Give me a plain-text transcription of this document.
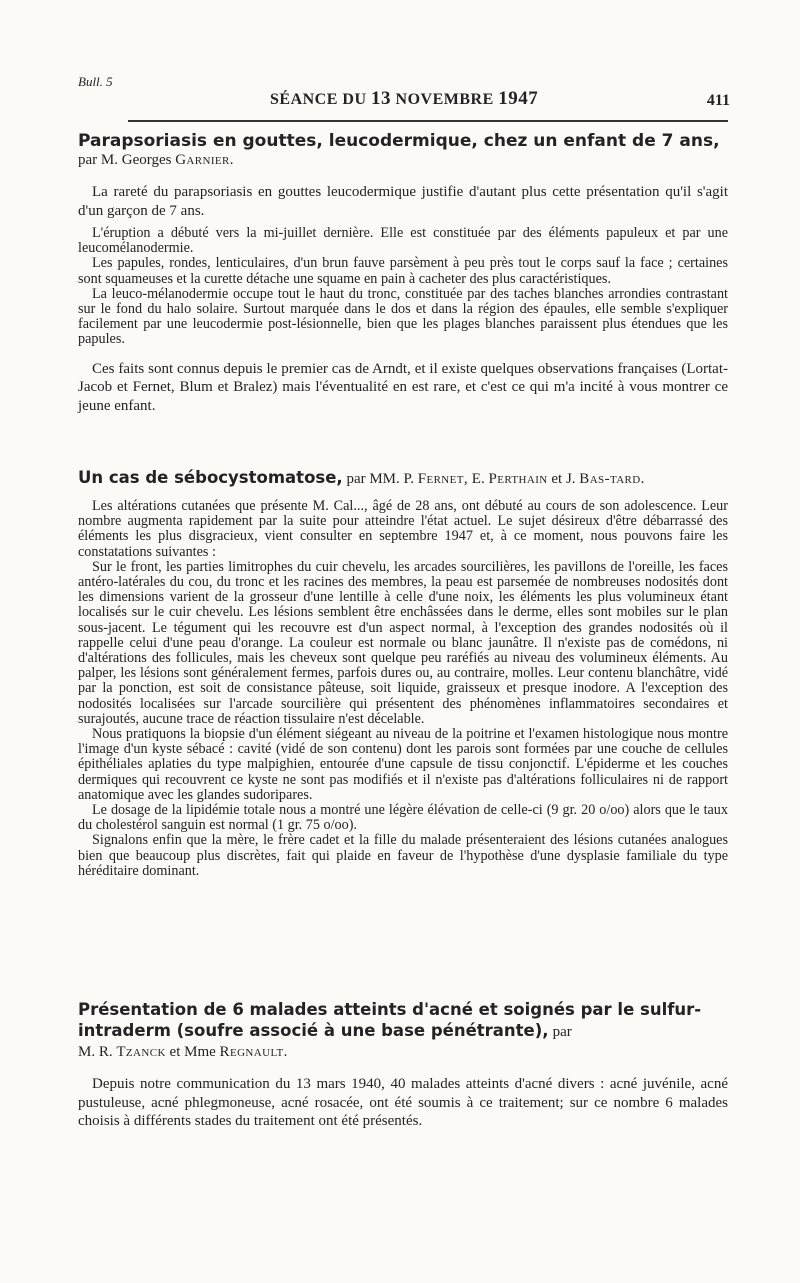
Bull. 5
SÉANCE DU 13 NOVEMBRE 1947	411
Parapsoriasis en gouttes, leucodermique, chez un enfant de 7 ans,
par M. Georges Garnier.

La rareté du parapsoriasis en gouttes leucodermique justifie d'autant plus cette présentation qu'il s'agit d'un garçon de 7 ans.

L'éruption a débuté vers la mi-juillet dernière. Elle est constituée par des éléments papuleux et par une leucomélanodermie.

Les papules, rondes, lenticulaires, d'un brun fauve parsèment à peu près tout le corps sauf la face ; certaines sont squameuses et la curette détache une squame en pain à cacheter des plus caractéristiques.

La leuco-mélanodermie occupe tout le haut du tronc, constituée par des taches blanches arrondies contrastant sur le fond du halo solaire. Surtout marquée dans le dos et dans la région des épaules, elle semble s'expliquer facilement par une leucodermie post-lésionnelle, bien que les plages blanches paraissent plus étendues que les papules.

Ces faits sont connus depuis le premier cas de Arndt, et il existe quelques observations françaises (Lortat-Jacob et Fernet, Blum et Bralez) mais l'éventualité en est rare, et c'est ce qui m'a incité à vous montrer ce jeune enfant.

Un cas de sébocystomatose, par MM. P. Fernet, E. Perthain et J. Bas-tard.

Les altérations cutanées que présente M. Cal..., âgé de 28 ans, ont débuté au cours de son adolescence. Leur nombre augmenta rapidement par la suite pour atteindre l'état actuel. Le sujet désireux d'être débarrassé des éléments les plus disgracieux, vient consulter en septembre 1947 et, à ce moment, nous pouvons faire les constatations suivantes :

Sur le front, les parties limitrophes du cuir chevelu, les arcades sourcilières, les pavillons de l'oreille, les faces antéro-latérales du cou, du tronc et les racines des membres, la peau est parsemée de nombreuses nodosités dont les dimensions varient de la grosseur d'une lentille à celle d'une noix, les éléments les plus volumineux étant localisés sur le cuir chevelu. Les lésions semblent être enchâssées dans le derme, elles sont mobiles sur le plan sous-jacent. Le tégument qui les recouvre est d'un aspect normal, à l'exception des grandes nodosités où il rappelle celui d'une peau d'orange. La couleur est normale ou blanc jaunâtre. Il n'existe pas de comédons, ni d'altérations des follicules, mais les cheveux sont quelque peu raréfiés au niveau des volumineux éléments. Au palper, les lésions sont généralement fermes, parfois dures ou, au contraire, molles. Leur contenu blanchâtre, vidé par la ponction, est soit de consistance pâteuse, soit liquide, graisseux et presque inodore. A l'exception des nodosités localisées sur l'arcade sourcilière qui présentent des phénomènes inflammatoires secondaires et surajoutés, aucune trace de réaction tissulaire n'est décelable.

Nous pratiquons la biopsie d'un élément siégeant au niveau de la poitrine et l'examen histologique nous montre l'image d'un kyste sébacé : cavité (vidé de son contenu) dont les parois sont formées par une couche de cellules épithéliales aplaties du type malpighien, entourée d'une capsule de tissu conjonctif. L'épiderme et les couches dermiques qui recouvrent ce kyste ne sont pas modifiés et il n'existe pas d'altérations folliculaires ni de rapport anatomique avec les glandes sudoripares.

Le dosage de la lipidémie totale nous a montré une légère élévation de celle-ci (9 gr. 20 o/oo) alors que le taux du cholestérol sanguin est normal (1 gr. 75 o/oo).

Signalons enfin que la mère, le frère cadet et la fille du malade présenteraient des lésions cutanées analogues bien que beaucoup plus discrètes, fait qui plaide en faveur de l'hypothèse d'une dysplasie familiale du type héréditaire dominant.

Présentation de 6 malades atteints d'acné et soignés par le sulfur-intraderm (soufre associé à une base pénétrante), par
M. R. Tzanck et Mme Regnault.

Depuis notre communication du 13 mars 1940, 40 malades atteints d'acné divers : acné juvénile, acné pustuleuse, acné phlegmoneuse, acné rosacée, ont été soumis à ce traitement; sur ce nombre 6 malades choisis à différents stades du traitement ont été présentés.
